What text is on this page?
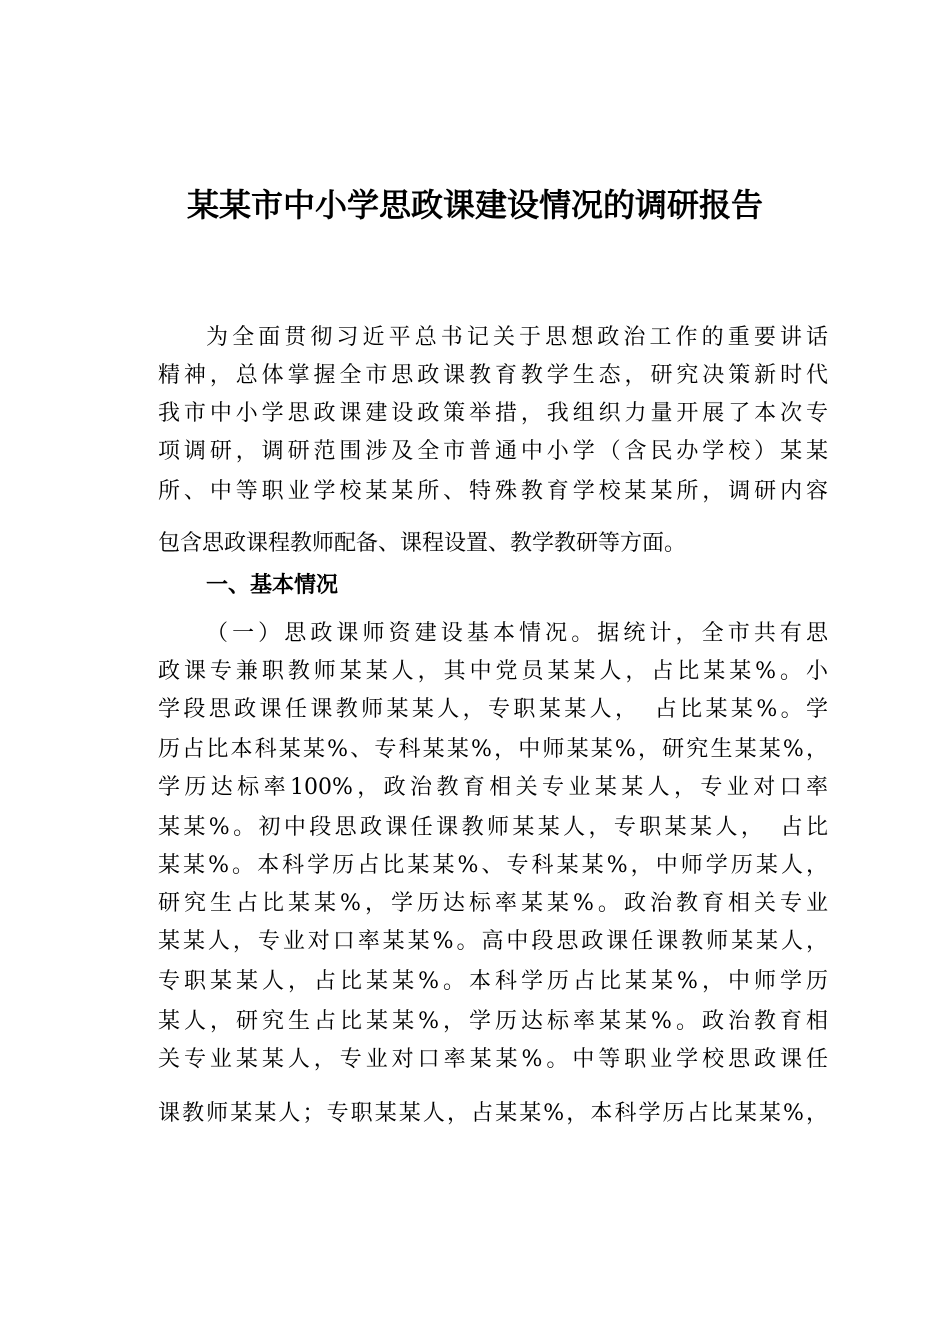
某某市中小学思政课建设情况的调研报告

为全面贯彻习近平总书记关于思想政治工作的重要讲话

精神，总体掌握全市思政课教育教学生态，研究决策新时代

我市中小学思政课建设政策举措，我组织力量开展了本次专

项调研，调研范围涉及全市普通中小学（含民办学校）某某

所、中等职业学校某某所、特殊教育学校某某所，调研内容

包含思政课程教师配备、课程设置、教学教研等方面。

一、基本情况

（一）思政课师资建设基本情况。据统计，全市共有思

政课专兼职教师某某人，其中党员某某人，占比某某%。小

学段思政课任课教师某某人，专职某某人，　占比某某%。学

历占比本科某某%、专科某某%，中师某某%，研究生某某%，

学历达标率100%，政治教育相关专业某某人，专业对口率

某某%。初中段思政课任课教师某某人，专职某某人，　占比

某某%。本科学历占比某某%、专科某某%，中师学历某人，

研究生占比某某%，学历达标率某某%。政治教育相关专业

某某人，专业对口率某某%。高中段思政课任课教师某某人，

专职某某人，占比某某%。本科学历占比某某%，中师学历

某人，研究生占比某某%，学历达标率某某%。政治教育相

关专业某某人，专业对口率某某%。中等职业学校思政课任

课教师某某人；专职某某人，占某某%，本科学历占比某某%，
